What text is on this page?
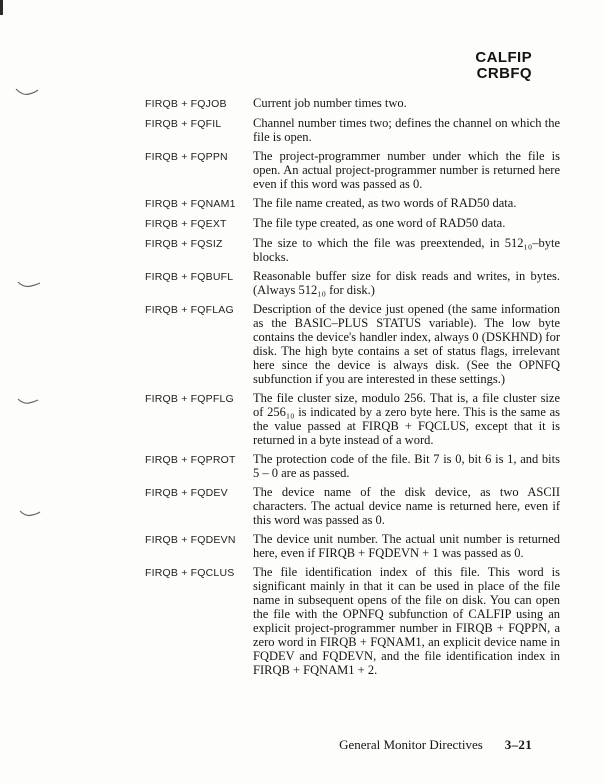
CALFIP
CRBFQ
FIRQB + FQJOB	Current job number times two.
FIRQB + FQFIL	Channel number times two; defines the channel on which the file is open.
FIRQB + FQPPN	The project-programmer number under which the file is open. An actual project-programmer number is returned here even if this word was passed as 0.
FIRQB + FQNAM1	The file name created, as two words of RAD50 data.
FIRQB + FQEXT	The file type created, as one word of RAD50 data.
FIRQB + FQSIZ	The size to which the file was preextended, in 512₁₀–byte blocks.
FIRQB + FQBUFL	Reasonable buffer size for disk reads and writes, in bytes. (Always 512₁₀ for disk.)
FIRQB + FQFLAG	Description of the device just opened (the same information as the BASIC–PLUS STATUS variable). The low byte contains the device's handler index, always 0 (DSKHND) for disk. The high byte contains a set of status flags, irrelevant here since the device is always disk. (See the OPNFQ subfunction if you are interested in these settings.)
FIRQB + FQPFLG	The file cluster size, modulo 256. That is, a file cluster size of 256₁₀ is indicated by a zero byte here. This is the same as the value passed at FIRQB + FQCLUS, except that it is returned in a byte instead of a word.
FIRQB + FQPROT	The protection code of the file. Bit 7 is 0, bit 6 is 1, and bits 5 – 0 are as passed.
FIRQB + FQDEV	The device name of the disk device, as two ASCII characters. The actual device name is returned here, even if this word was passed as 0.
FIRQB + FQDEVN	The device unit number. The actual unit number is returned here, even if FIRQB + FQDEVN + 1 was passed as 0.
FIRQB + FQCLUS	The file identification index of this file. This word is significant mainly in that it can be used in place of the file name in subsequent opens of the file on disk. You can open the file with the OPNFQ subfunction of CALFIP using an explicit project-programmer number in FIRQB + FQPPN, a zero word in FIRQB + FQNAM1, an explicit device name in FQDEV and FQDEVN, and the file identification index in FIRQB + FQNAM1 + 2.
General Monitor Directives 3–21
